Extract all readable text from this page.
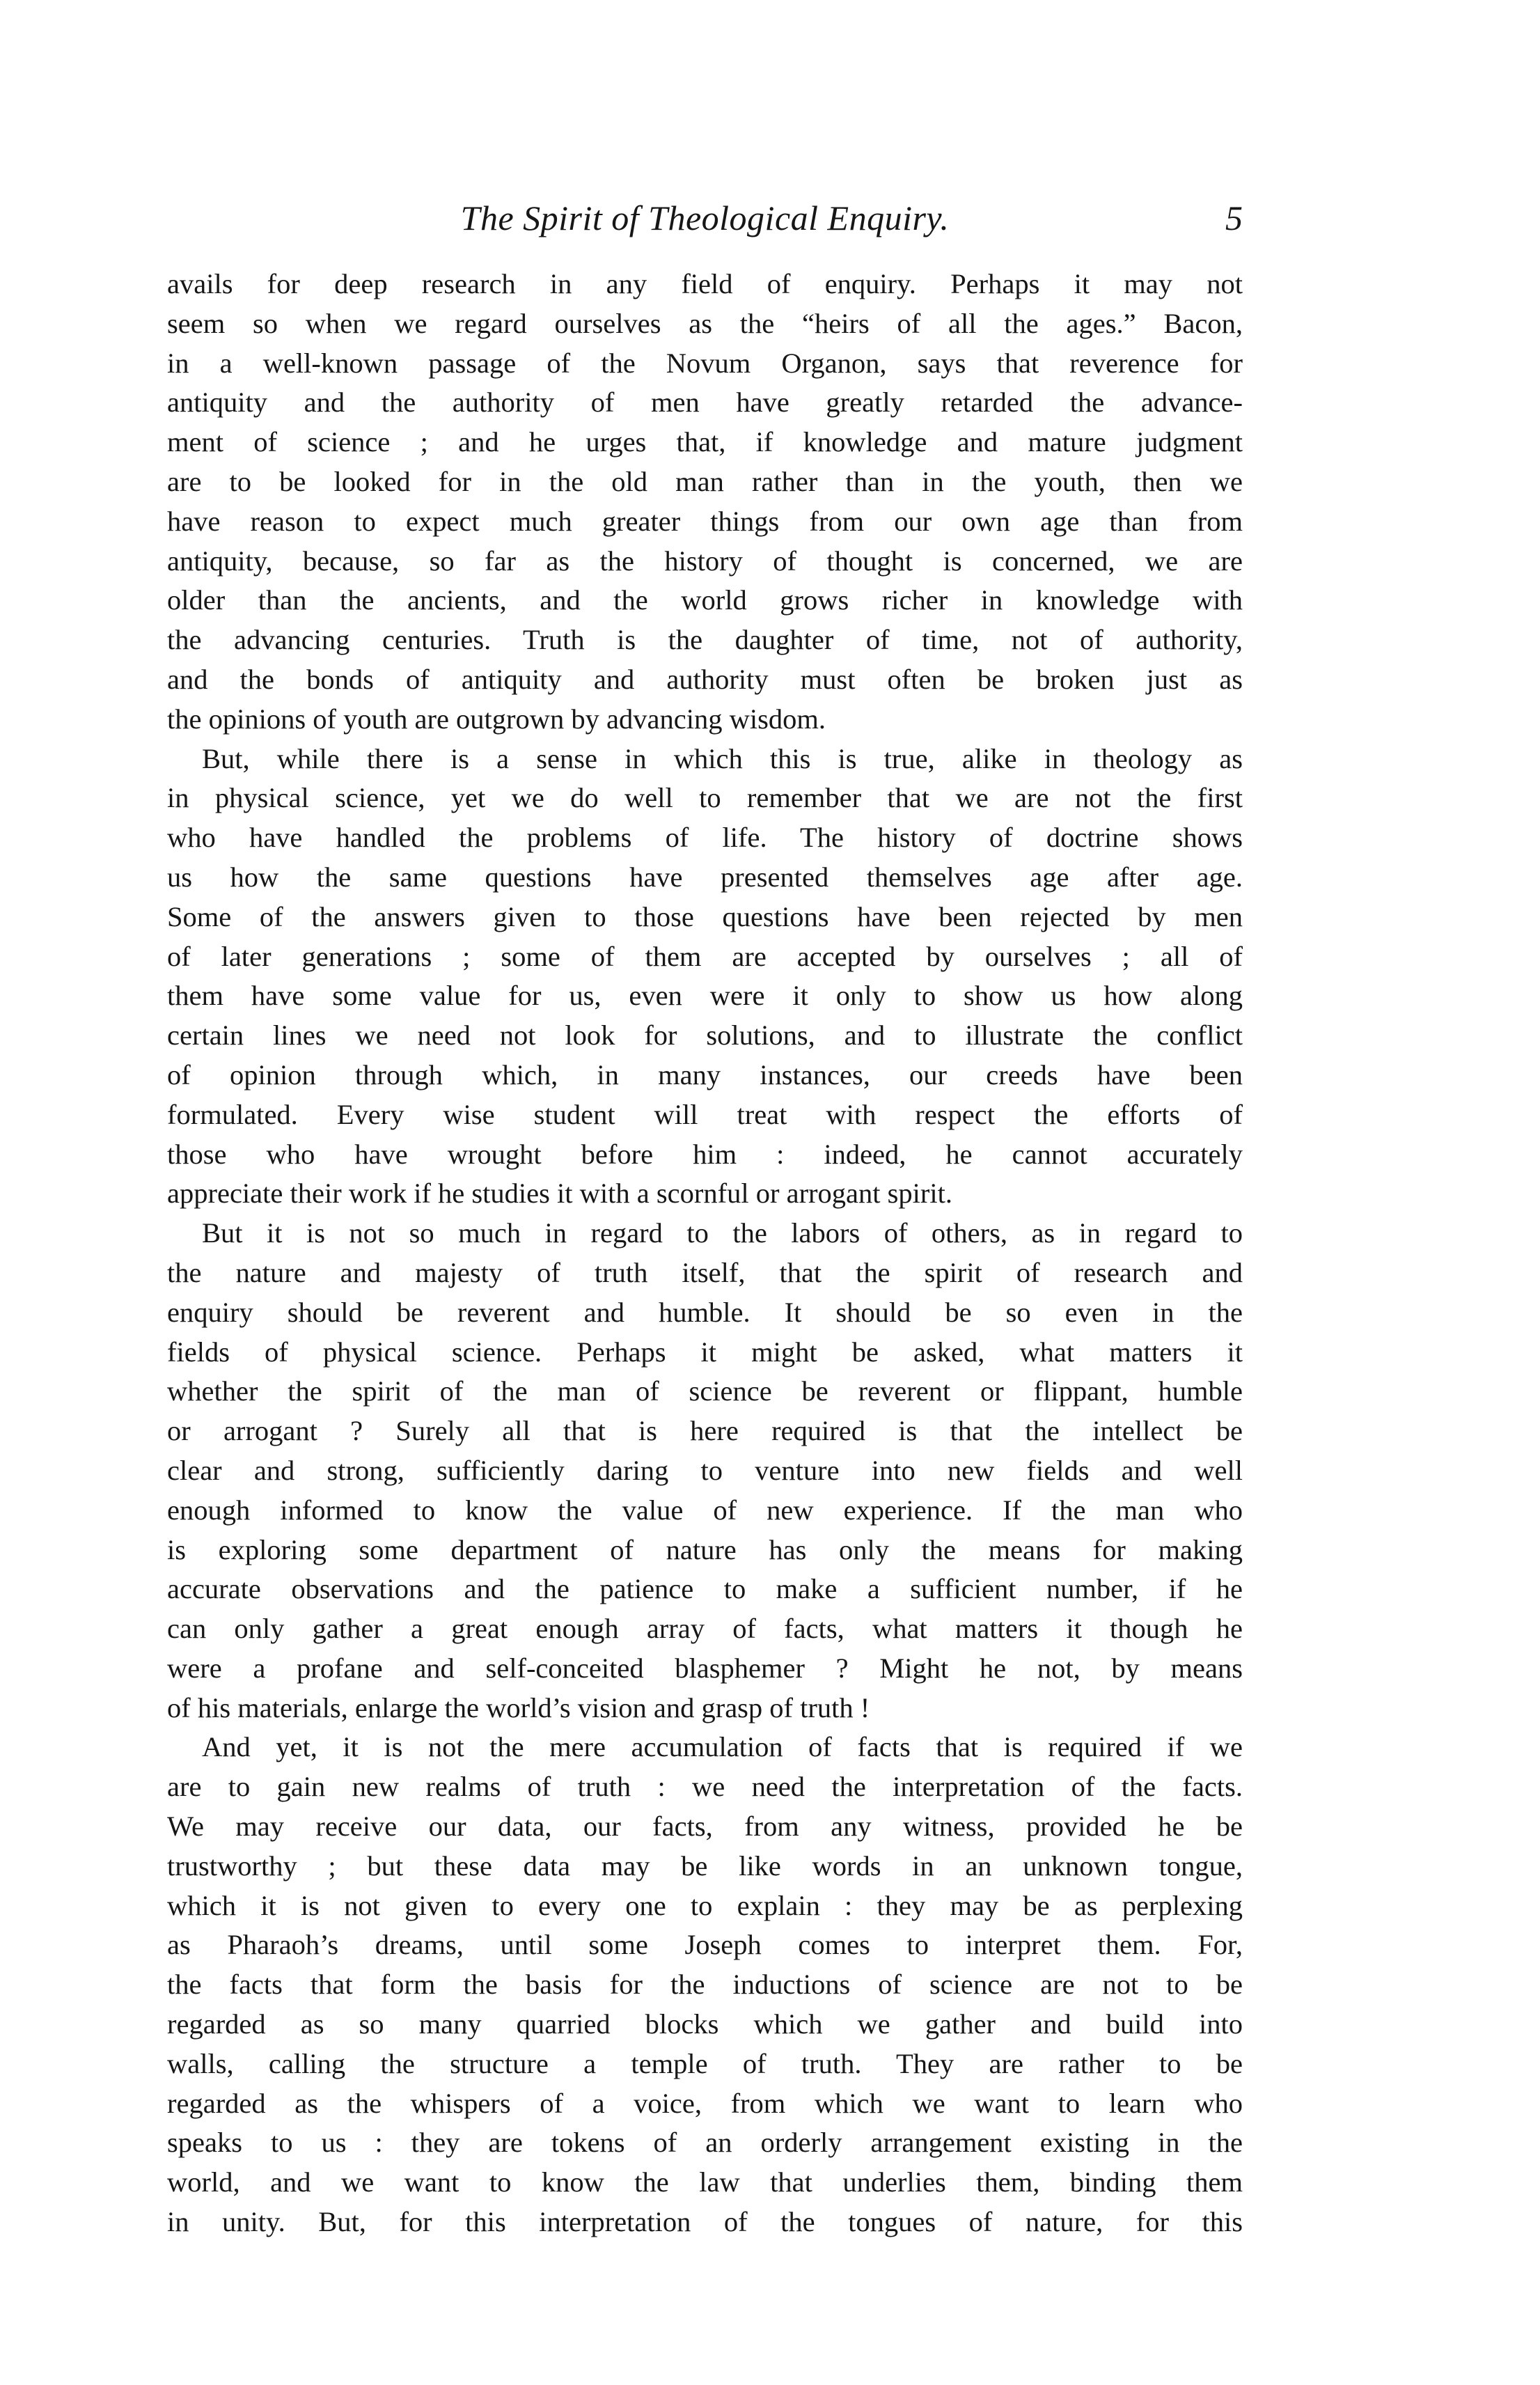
The Spirit of Theological Enquiry.	5
avails for deep research in any field of enquiry. Perhaps it may not
seem so when we regard ourselves as the “heirs of all the ages.” Bacon,
in a well-known passage of the Novum Organon, says that reverence for
antiquity and the authority of men have greatly retarded the advance-
ment of science ; and he urges that, if knowledge and mature judgment
are to be looked for in the old man rather than in the youth, then we
have reason to expect much greater things from our own age than from
antiquity, because, so far as the history of thought is concerned, we are
older than the ancients, and the world grows richer in knowledge with
the advancing centuries. Truth is the daughter of time, not of authority,
and the bonds of antiquity and authority must often be broken just as
the opinions of youth are outgrown by advancing wisdom.
But, while there is a sense in which this is true, alike in theology as
in physical science, yet we do well to remember that we are not the first
who have handled the problems of life. The history of doctrine shows
us how the same questions have presented themselves age after age.
Some of the answers given to those questions have been rejected by men
of later generations ; some of them are accepted by ourselves ; all of
them have some value for us, even were it only to show us how along
certain lines we need not look for solutions, and to illustrate the conflict
of opinion through which, in many instances, our creeds have been
formulated. Every wise student will treat with respect the efforts of
those who have wrought before him : indeed, he cannot accurately
appreciate their work if he studies it with a scornful or arrogant spirit.
But it is not so much in regard to the labors of others, as in regard to
the nature and majesty of truth itself, that the spirit of research and
enquiry should be reverent and humble. It should be so even in the
fields of physical science. Perhaps it might be asked, what matters it
whether the spirit of the man of science be reverent or flippant, humble
or arrogant ? Surely all that is here required is that the intellect be
clear and strong, sufficiently daring to venture into new fields and well
enough informed to know the value of new experience. If the man who
is exploring some department of nature has only the means for making
accurate observations and the patience to make a sufficient number, if he
can only gather a great enough array of facts, what matters it though he
were a profane and self-conceited blasphemer ? Might he not, by means
of his materials, enlarge the world’s vision and grasp of truth !
And yet, it is not the mere accumulation of facts that is required if we
are to gain new realms of truth : we need the interpretation of the facts.
We may receive our data, our facts, from any witness, provided he be
trustworthy ; but these data may be like words in an unknown tongue,
which it is not given to every one to explain : they may be as perplexing
as Pharaoh’s dreams, until some Joseph comes to interpret them. For,
the facts that form the basis for the inductions of science are not to be
regarded as so many quarried blocks which we gather and build into
walls, calling the structure a temple of truth. They are rather to be
regarded as the whispers of a voice, from which we want to learn who
speaks to us : they are tokens of an orderly arrangement existing in the
world, and we want to know the law that underlies them, binding them
in unity. But, for this interpretation of the tongues of nature, for this
